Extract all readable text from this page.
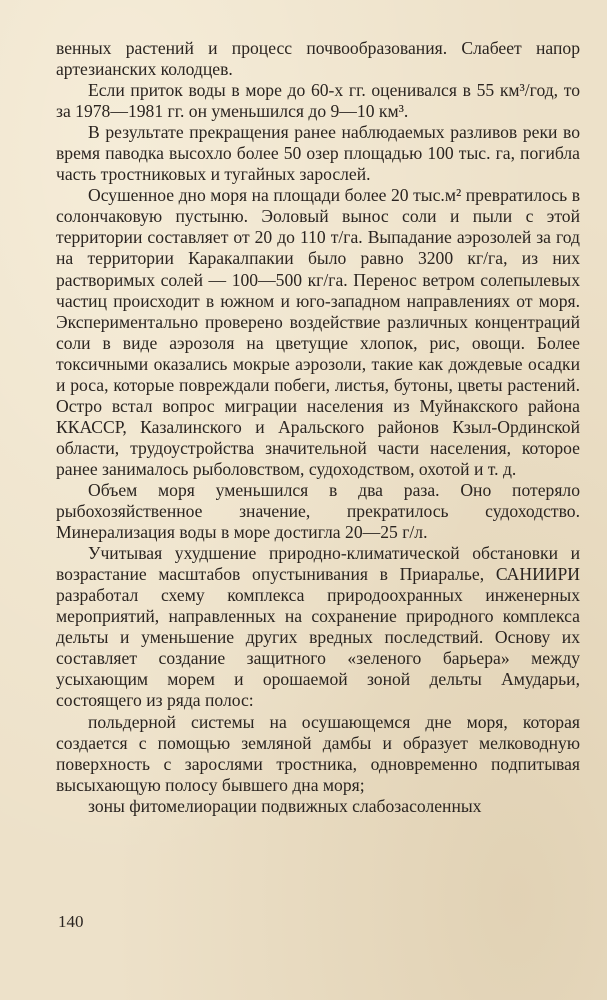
венных растений и процесс почвообразования. Слабеет напор артезианских колодцев.

Если приток воды в море до 60-х гг. оценивался в 55 км³/год, то за 1978—1981 гг. он уменьшился до 9—10 км³.

В результате прекращения ранее наблюдаемых разливов реки во время паводка высохло более 50 озер площадью 100 тыс. га, погибла часть тростниковых и тугайных зарослей.

Осушенное дно моря на площади более 20 тыс.м² превратилось в солончаковую пустыню. Эоловый вынос соли и пыли с этой территории составляет от 20 до 110 т/га. Выпадание аэрозолей за год на территории Каракалпакии было равно 3200 кг/га, из них растворимых солей — 100—500 кг/га. Перенос ветром солепылевых частиц происходит в южном и юго-западном направлениях от моря. Экспериментально проверено воздействие различных концентраций соли в виде аэрозоля на цветущие хлопок, рис, овощи. Более токсичными оказались мокрые аэрозоли, такие как дождевые осадки и роса, которые повреждали побеги, листья, бутоны, цветы растений. Остро встал вопрос миграции населения из Муйнакского района ККАССР, Казалинского и Аральского районов Кзыл-Ординской области, трудоустройства значительной части населения, которое ранее занималось рыболовством, судоходством, охотой и т. д.

Объем моря уменьшился в два раза. Оно потеряло рыбохозяйственное значение, прекратилось судоходство. Минерализация воды в море достигла 20—25 г/л.

Учитывая ухудшение природно-климатической обстановки и возрастание масштабов опустынивания в Приаралье, САНИИРИ разработал схему комплекса природоохранных инженерных мероприятий, направленных на сохранение природного комплекса дельты и уменьшение других вредных последствий. Основу их составляет создание защитного «зеленого барьера» между усыхающим морем и орошаемой зоной дельты Амударьи, состоящего из ряда полос:

польдерной системы на осушающемся дне моря, которая создается с помощью земляной дамбы и образует мелководную поверхность с зарослями тростника, одновременно подпитывая высыхающую полосу бывшего дна моря;

зоны фитомелиорации подвижных слабозасоленных

140
